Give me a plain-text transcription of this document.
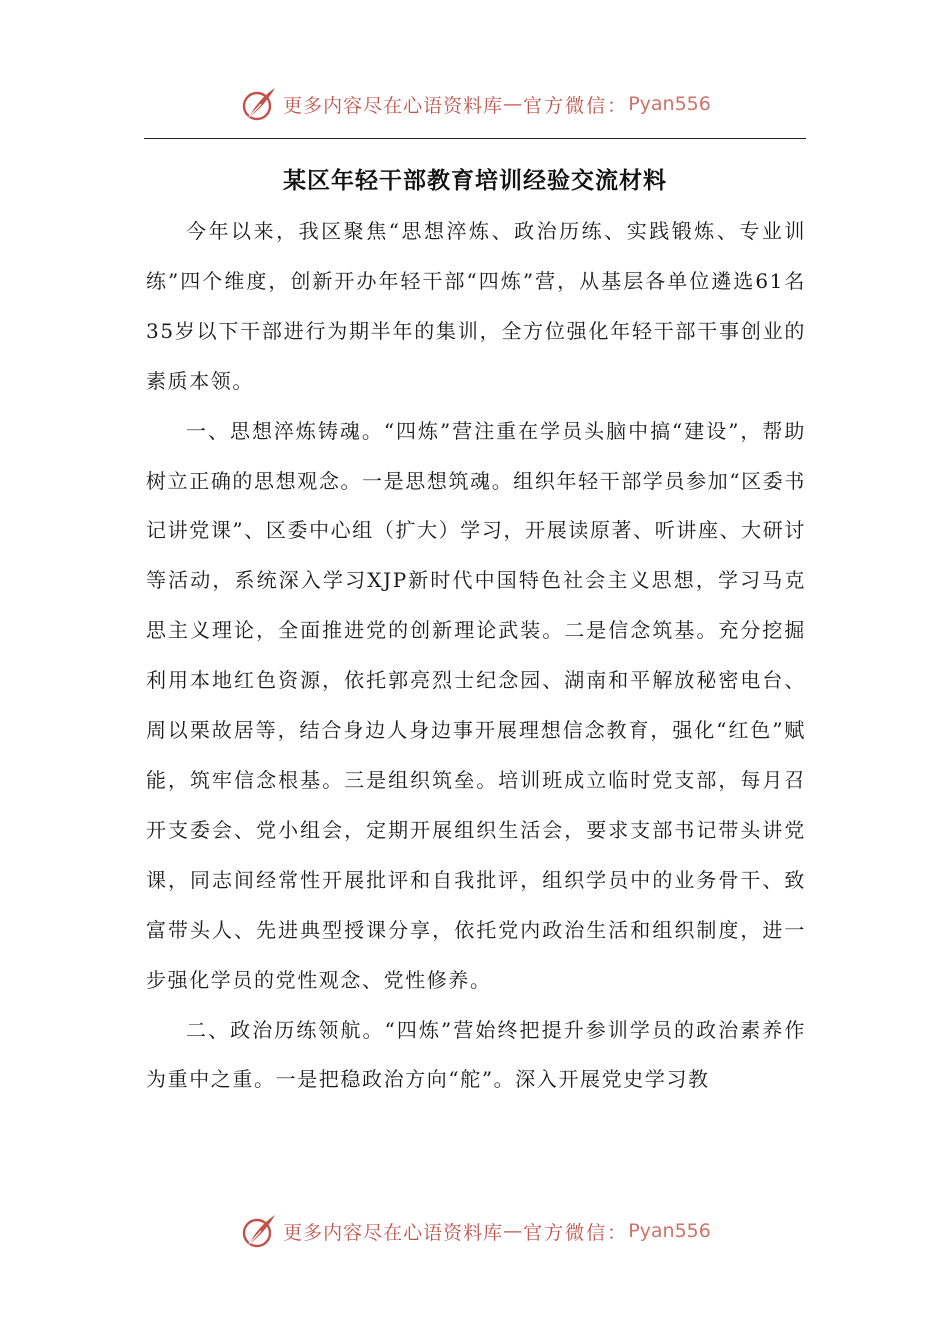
更多内容尽在心语资料库 — 官方微信： Pyan556
某区年轻干部教育培训经验交流材料

今年以来，我区聚焦“思想淬炼、政治历练、实践锻炼、专业训练”四个维度，创新开办年轻干部“四炼”营，从基层各单位遴选61名35岁以下干部进行为期半年的集训，全方位强化年轻干部干事创业的素质本领。

一、思想淬炼铸魂。“四炼”营注重在学员头脑中搞“建设”，帮助树立正确的思想观念。一是思想筑魂。组织年轻干部学员参加“区委书记讲党课”、区委中心组（扩大）学习，开展读原著、听讲座、大研讨等活动，系统深入学习XJP新时代中国特色社会主义思想，学习马克思主义理论，全面推进党的创新理论武装。二是信念筑基。充分挖掘利用本地红色资源，依托郭亮烈士纪念园、湖南和平解放秘密电台、周以栗故居等，结合身边人身边事开展理想信念教育，强化“红色”赋能，筑牢信念根基。三是组织筑垒。培训班成立临时党支部，每月召开支委会、党小组会，定期开展组织生活会，要求支部书记带头讲党课，同志间经常性开展批评和自我批评，组织学员中的业务骨干、致富带头人、先进典型授课分享，依托党内政治生活和组织制度，进一步强化学员的党性观念、党性修养。

二、政治历练领航。“四炼”营始终把提升参训学员的政治素养作为重中之重。一是把稳政治方向“舵”。深入开展党史学习教

更多内容尽在心语资料库 — 官方微信： Pyan556
